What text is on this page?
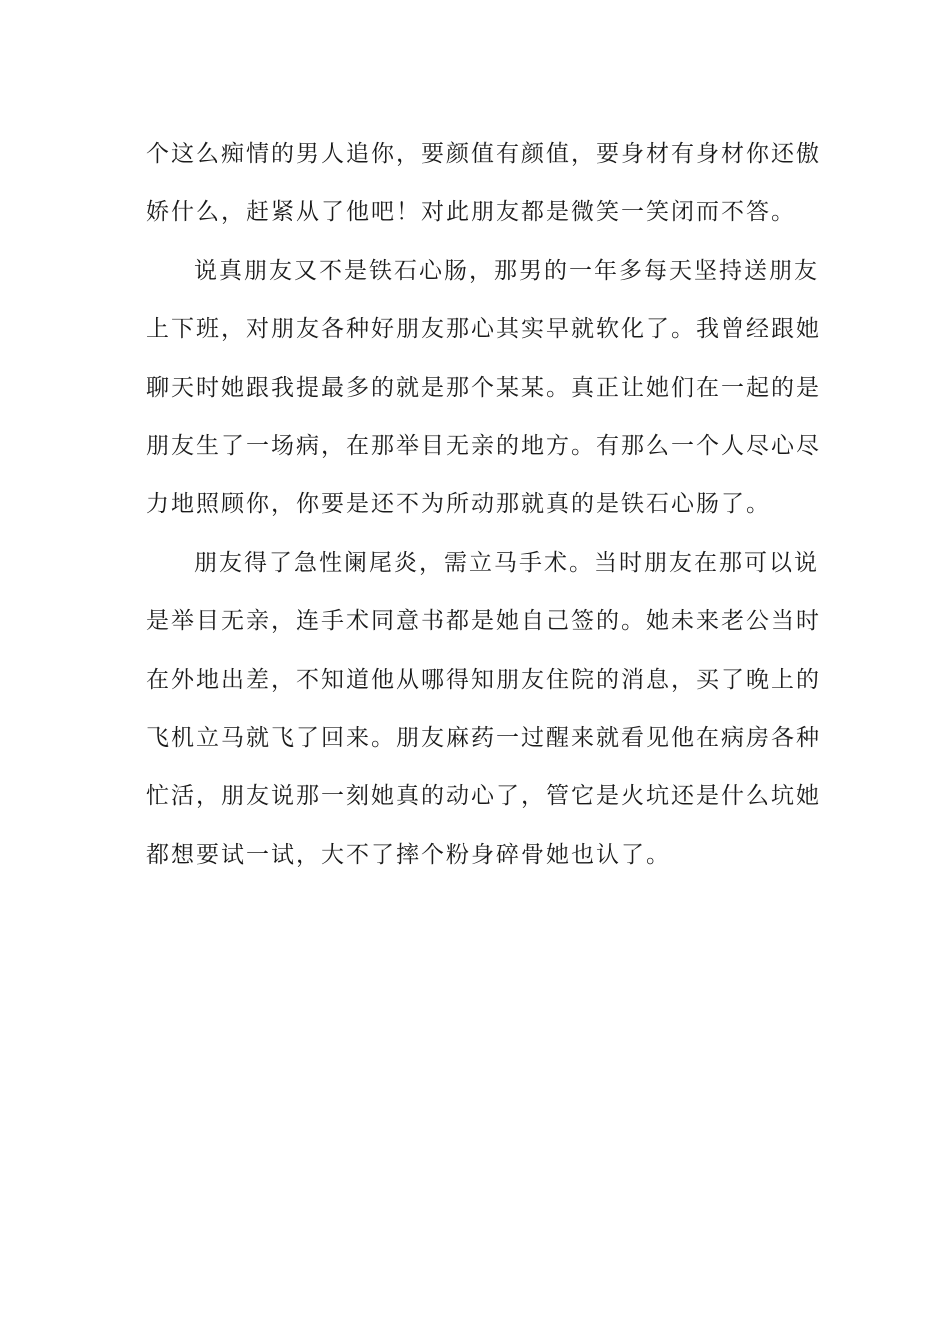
个这么痴情的男人追你，要颜值有颜值，要身材有身材你还傲

娇什么，赶紧从了他吧！对此朋友都是微笑一笑闭而不答。

说真朋友又不是铁石心肠，那男的一年多每天坚持送朋友

上下班，对朋友各种好朋友那心其实早就软化了。我曾经跟她

聊天时她跟我提最多的就是那个某某。真正让她们在一起的是

朋友生了一场病，在那举目无亲的地方。有那么一个人尽心尽

力地照顾你，你要是还不为所动那就真的是铁石心肠了。

朋友得了急性阑尾炎，需立马手术。当时朋友在那可以说

是举目无亲，连手术同意书都是她自己签的。她未来老公当时

在外地出差，不知道他从哪得知朋友住院的消息，买了晚上的

飞机立马就飞了回来。朋友麻药一过醒来就看见他在病房各种

忙活，朋友说那一刻她真的动心了，管它是火坑还是什么坑她

都想要试一试，大不了摔个粉身碎骨她也认了。
